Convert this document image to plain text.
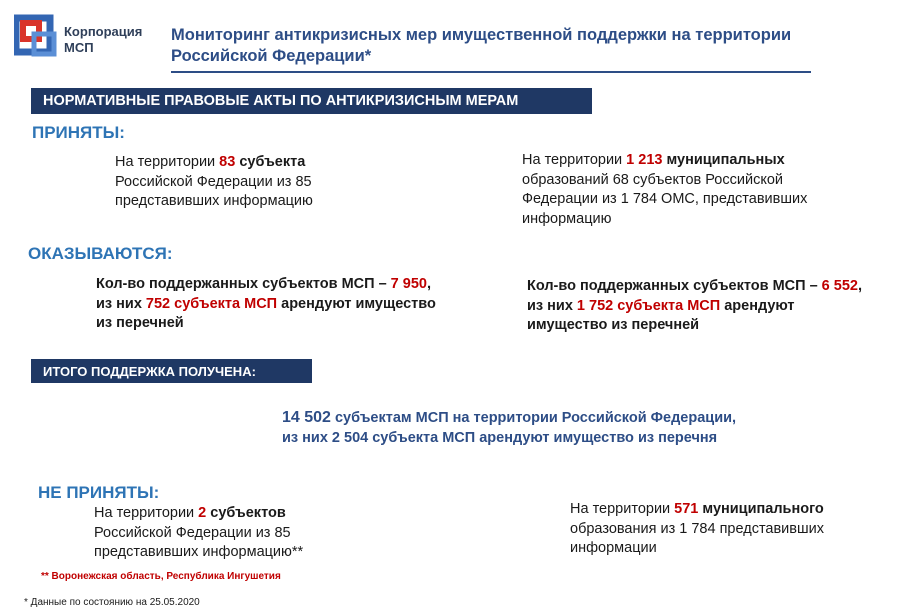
Корпорация
МСП
Мониторинг антикризисных мер имущественной поддержки на территории Российской Федерации*
НОРМАТИВНЫЕ ПРАВОВЫЕ АКТЫ ПО АНТИКРИЗИСНЫМ МЕРАМ
ПРИНЯТЫ:
На территории 83 субъекта Российской Федерации из 85 представивших информацию
На территории 1 213 муниципальных образований 68 субъектов Российской Федерации из 1 784 ОМС, представивших информацию
ОКАЗЫВАЮТСЯ:
Кол-во поддержанных субъектов МСП – 7 950, из них 752 субъекта МСП арендуют имущество из перечней
Кол-во поддержанных субъектов МСП – 6 552, из них 1 752 субъекта МСП арендуют имущество из перечней
ИТОГО ПОДДЕРЖКА ПОЛУЧЕНА:
14 502 субъектам МСП на территории Российской Федерации,
из них 2 504 субъекта МСП арендуют имущество из перечня
НЕ ПРИНЯТЫ:
На территории 2 субъектов Российской Федерации из 85 представивших информацию**
На территории 571 муниципального образования из 1 784 представивших информации
** Воронежская область, Республика Ингушетия
* Данные по состоянию на 25.05.2020
